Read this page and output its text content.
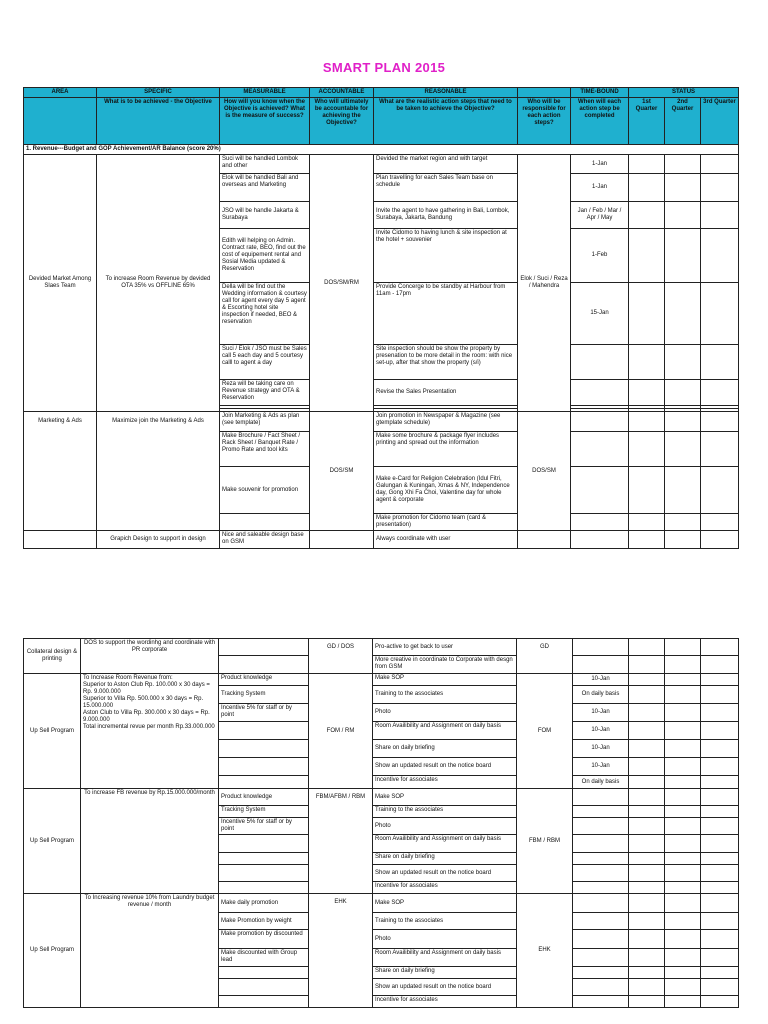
SMART PLAN 2015
AREA	SPECIFIC	MEASURABLE	ACCOUNTABLE	REASONABLE		TIME-BOUND	STATUS		
	What is to be achieved - the Objective	How will you know when the Objective is achieved? What is the measure of success?	Who will ultimately be accountable for achieving the Objective?	What are the realistic action steps that need to be taken to achieve the Objective?	Who will be responsible for each action steps?	When will each action step be completed	1st Quarter	2nd Quarter	3rd Quarter
1. Revenue---Budget and GOP Achievement/AR Balance (score 20%)									
Devided Market Among Slaes Team	To increase Room Revenue by devided OTA 35% vs OFFLINE 65%	Suci will be handled Lombok and other	DOS/SM/RM	Devided the market region and with target	Elok / Suci / Reza / Mahendra	1-Jan			
		Elok will be handled Bali and overseas and Marketing		Plan travelling for each Sales Team base on schedule		1-Jan			
		JSO will be handle Jakarta & Surabaya		Invite the agent to have gathering in Bali, Lombok, Surabaya, Jakarta, Bandung		Jan / Feb / Mar / Apr / May			
		Edith will helping on Admin. Contract rate, BEO, find out the cost of equipement rental and Sosial Media updated & Reservation		Invite Cidomo to having lunch & site inspection at the hotel + souvenier		1-Feb			
		Della will be find out the Wedding information & courtesy call for agent every day 5 agent & Escorting hotel site inspection if needed, BEO & reservation		Provide Concerge to be standby at Harbour from 11am - 17pm		15-Jan			
		Suci / Elok / JSO must be Sales call 5 each day and 5 courtesy calll to agent a day		Site inspection should be show the property by presenation to be more detail in the room: with nice set-up, after that show the property (s/i)					
		Reza will be taking care on Revenue strategy and OTA & Reservation		Revise the Sales Presentation					

Marketing & Ads	Maximize join the Marketing & Ads	Join Marketing & Ads as plan (see template)	DOS/SM	Join promotion in Newspaper & Magazine (see gtemplate schedule)	DOS/SM				
		Make Brochure / Fact Sheet / Rack Sheet / Banquet Rate / Promo Rate and tool kits		Make some brochure & package flyer includes printing and spread out the information					
		Make souvenir for promotion		Make e-Card for Religion Celebration (Idul Fitri, Galungan & Kuningan, Xmas & NY, Independence day, Gong Xhi Fa Choi, Valentine day for whole agent & corporate					
				Make promotion for Cidomo team (card & presentation)					
	Grapich Design to support in design	Nice and saleable design base on GSM		Always coordinate with user					
Collateral design & printing	DOS to support the wordinhg and coordinate with PR corporate		GD / DOS	Pro-active to get back to user	GD				
				More creative in coordinate to Corporate with desgn from GSM					
Up Sell Program	To Increase Room Revenue from:
Superior to Aston Club Rp. 100.000 x 30 days = Rp. 9.000.000
Superior to Villa Rp. 500.000 x 30 days = Rp. 15.000.000
Aston Club to Villa Rp. 300.000 x 30 days = Rp. 9.000.000
Total incremental revue per month Rp.33.000.000	Product knowledge	FOM / RM	Make SOP	FOM	10-Jan			
		Tracking System		Training to the associates		On daily basis			
		Incentive 5% for staff or by point		Photo		10-Jan			
				Room Availibility and Assignment on daily basis		10-Jan			
				Share on daily briefing		10-Jan			
				Show an updated result on the notice board		10-Jan			
				Incentive for associates		On daily basis			
Up Sell Program	To increase FB revenue by Rp.15.000.000/month	Product knowledge	FBM/AFBM / RBM	Make SOP	FBM / RBM				
		Tracking System		Training to the associates					
		Incentive 5% for staff or by point		Photo					
				Room Availibility and Assignment on daily basis					
				Share on daily briefing					
				Show an updated result on the notice board					
				Incentive for associates					
Up Sell Program	To Increasing revenue 10% from Laundry budget revenue / month	Make daily promotion	EHK	Make SOP	EHK				
		Make Promotion by weight		Training to the associates					
		Make promotion by discounted		Photo					
		Make discounted with Group lead		Room Availibility and Assignment on daily basis					
				Share on daily briefing					
				Show an updated result on the notice board					
				Incentive for associates					
